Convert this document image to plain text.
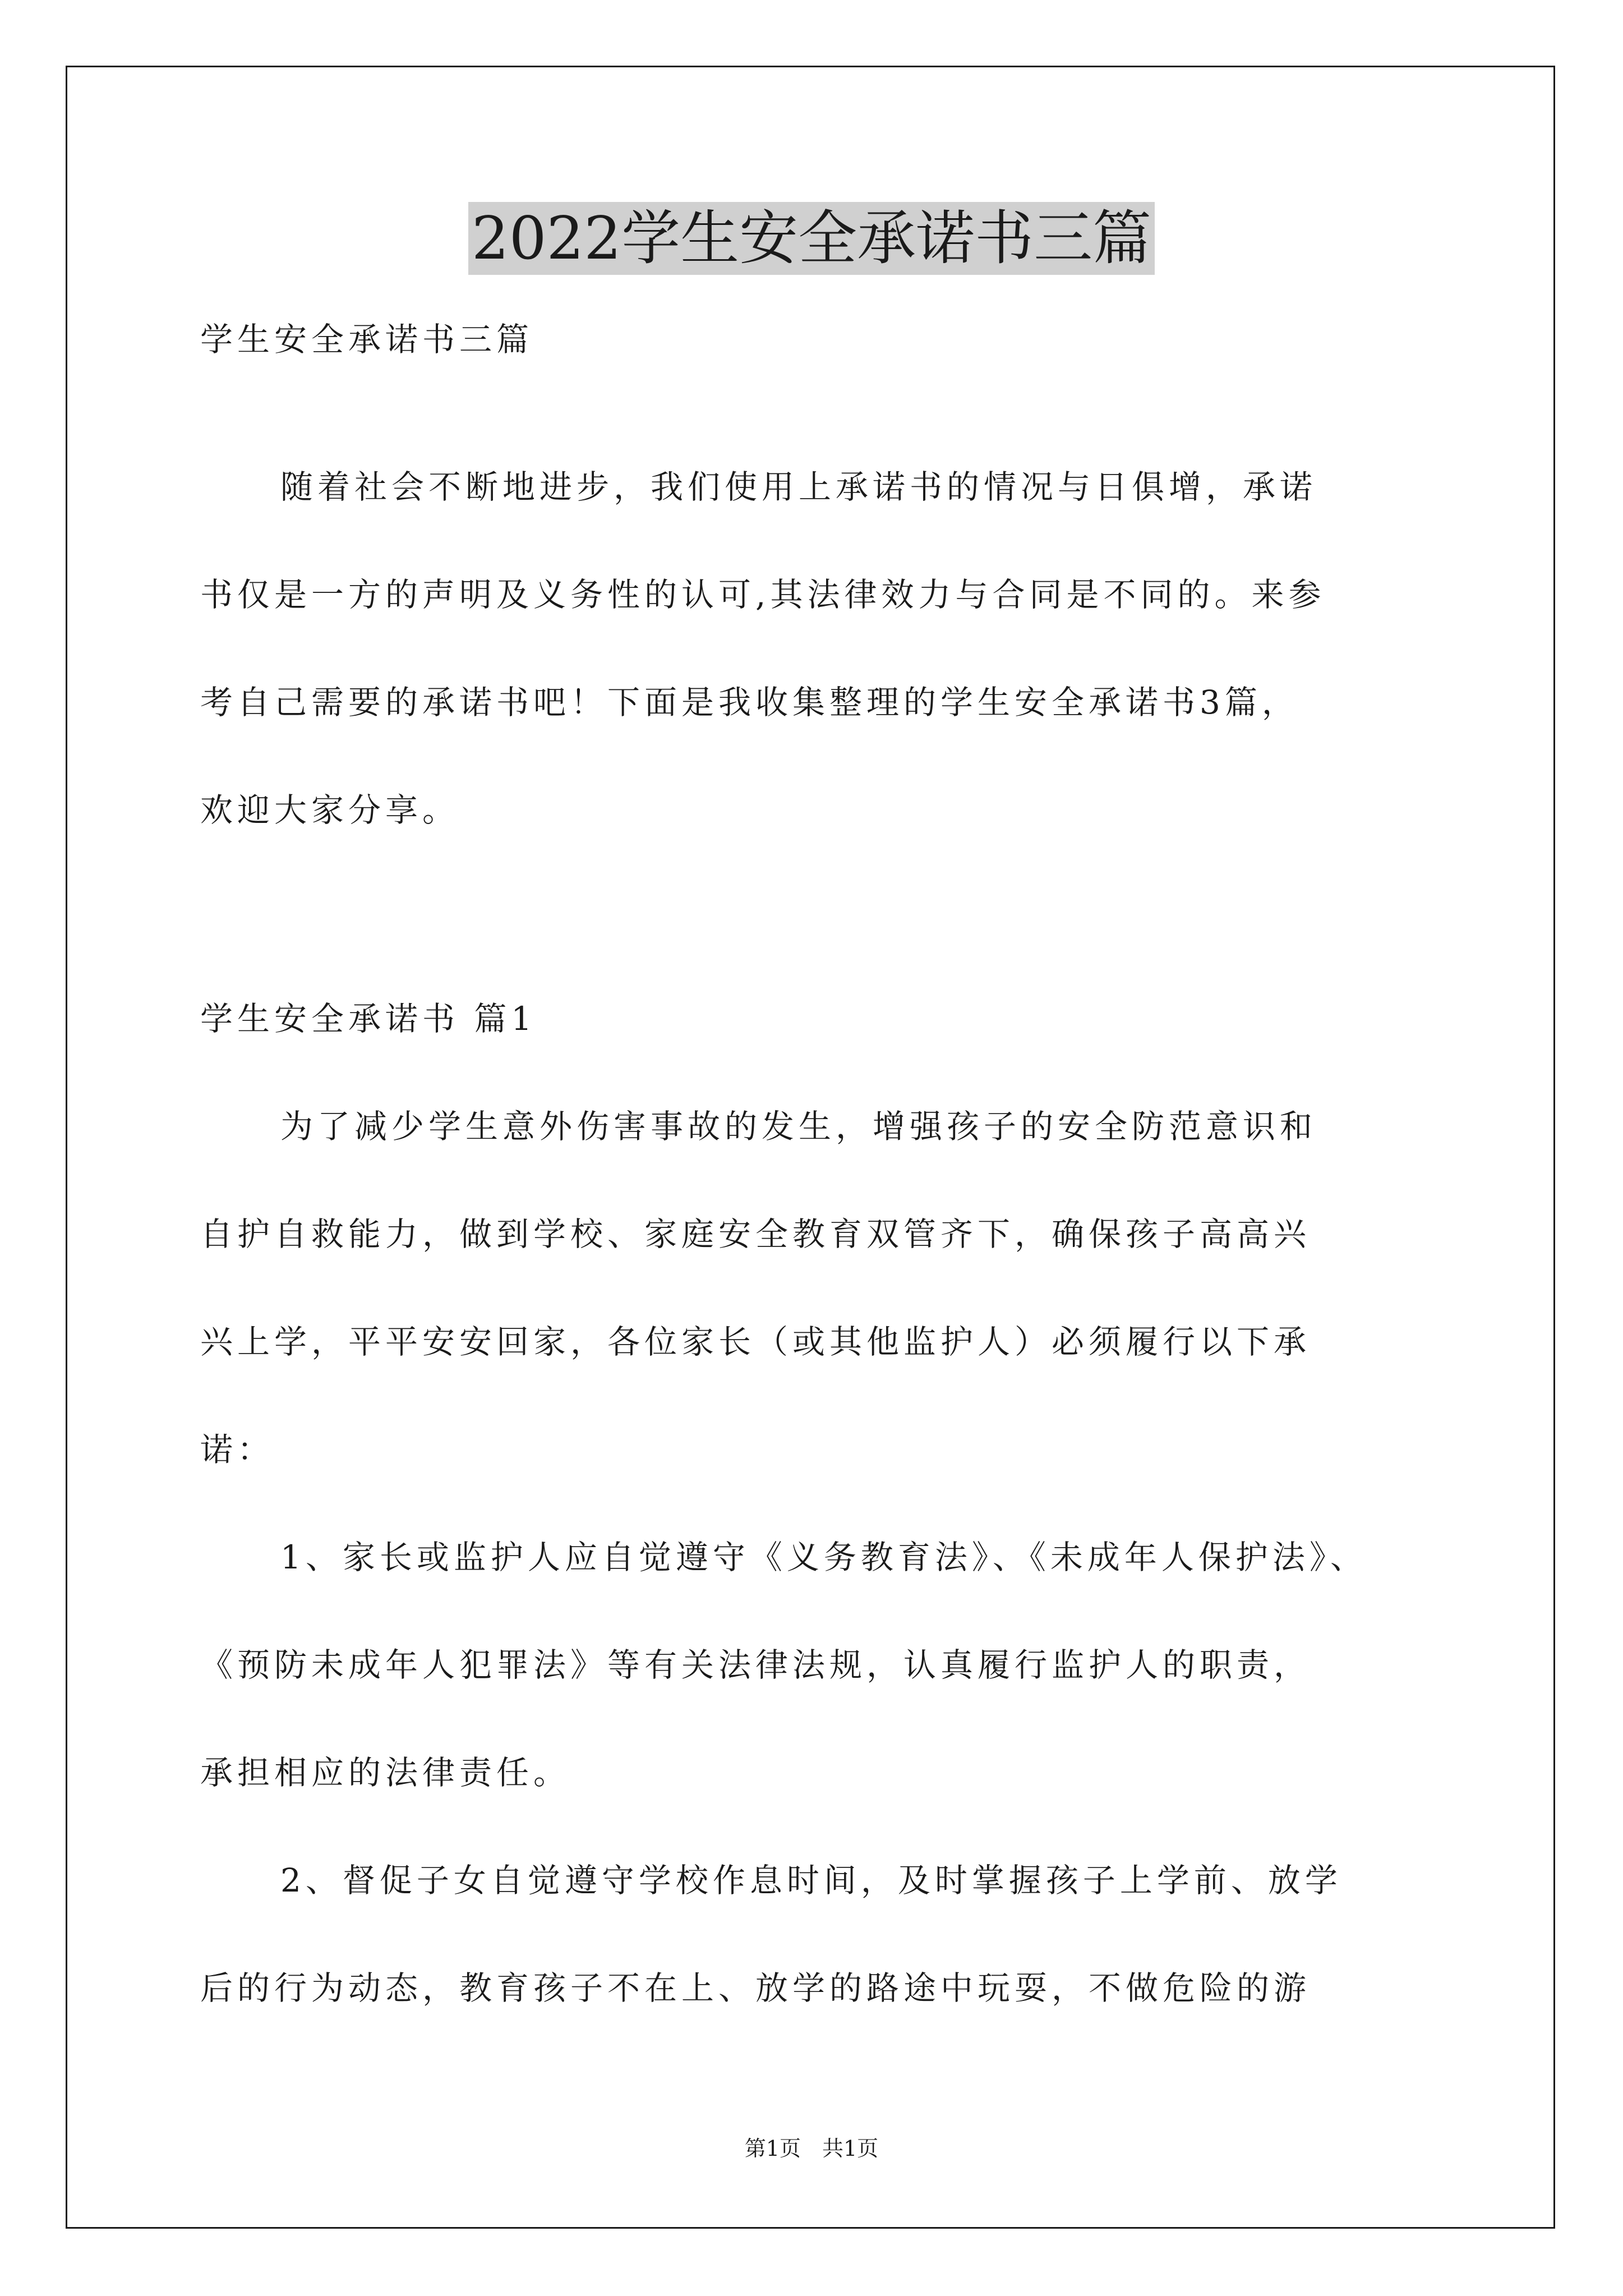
2022学生安全承诺书三篇

学生安全承诺书三篇

随着社会不断地进步，我们使用上承诺书的情况与日俱增，承诺

书仅是一方的声明及义务性的认可,其法律效力与合同是不同的。来参

考自己需要的承诺书吧！下面是我收集整理的学生安全承诺书3篇，

欢迎大家分享。

学生安全承诺书 篇1

为了减少学生意外伤害事故的发生，增强孩子的安全防范意识和

自护自救能力，做到学校、家庭安全教育双管齐下，确保孩子高高兴

兴上学，平平安安回家，各位家长（或其他监护人）必须履行以下承

诺：

1、家长或监护人应自觉遵守《义务教育法》、《未成年人保护法》、

《预防未成年人犯罪法》等有关法律法规，认真履行监护人的职责，

承担相应的法律责任。

2、督促子女自觉遵守学校作息时间，及时掌握孩子上学前、放学

后的行为动态，教育孩子不在上、放学的路途中玩耍，不做危险的游

第1页　共1页
